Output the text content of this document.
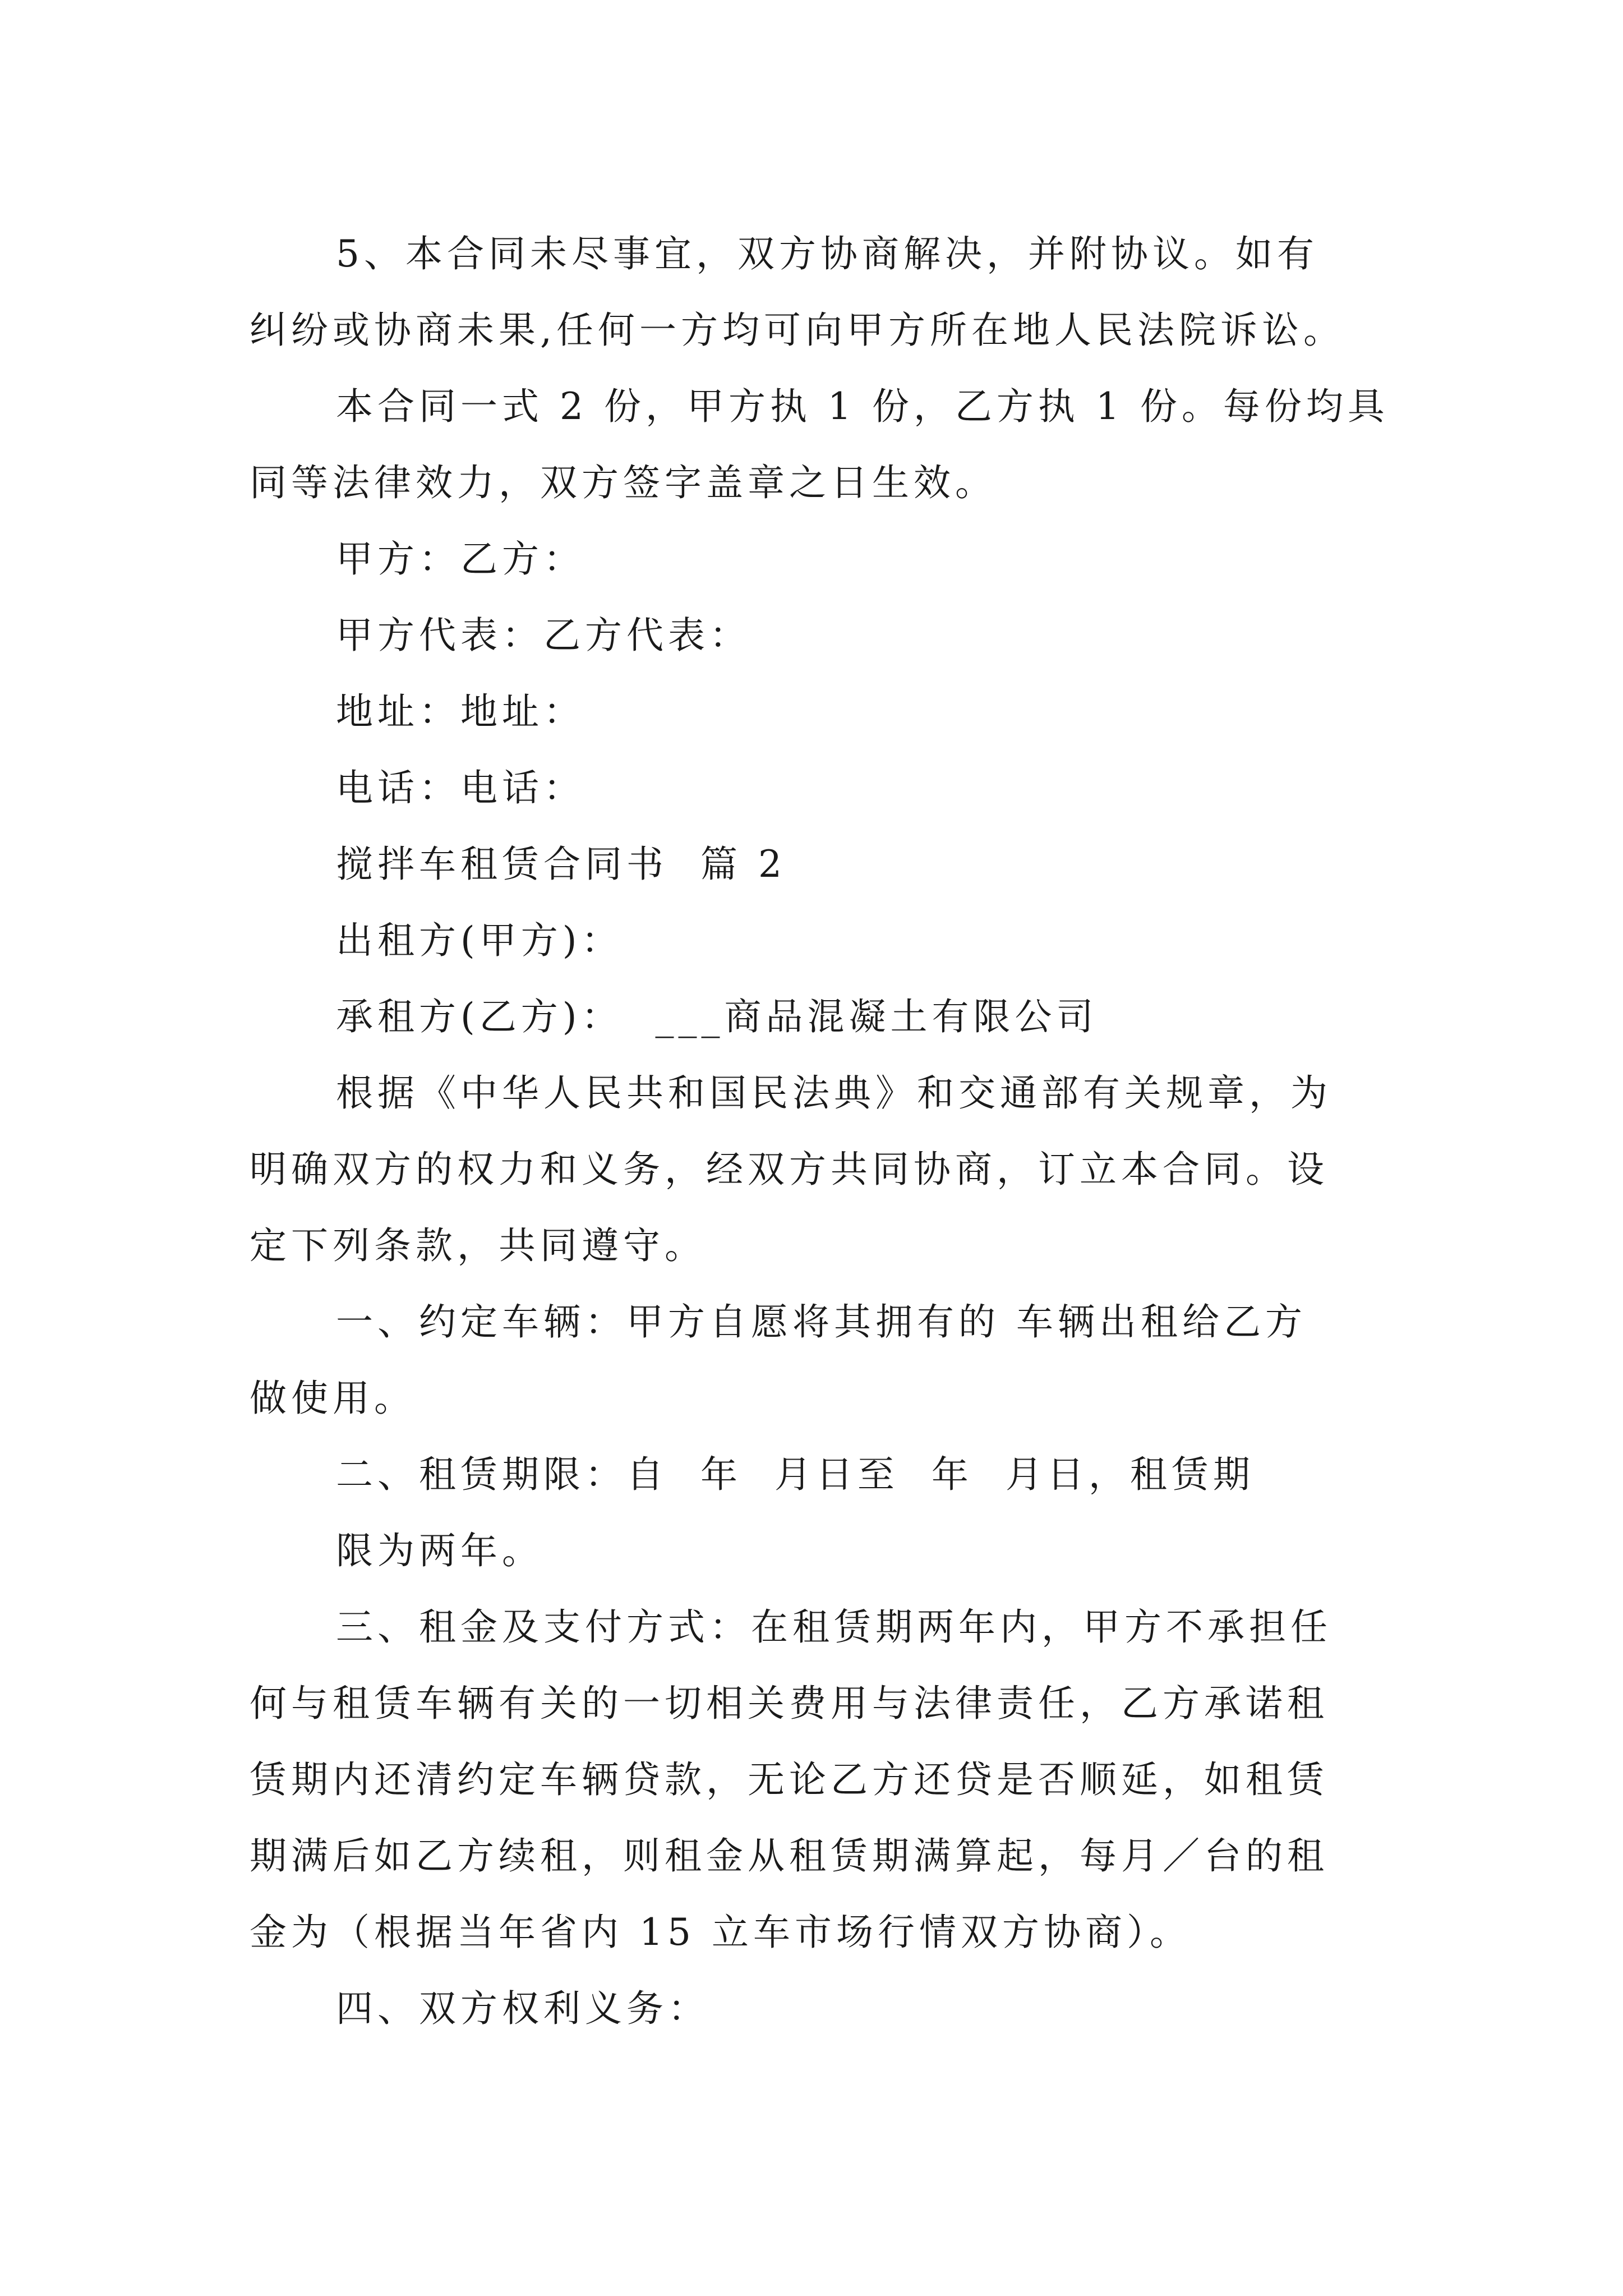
5、本合同未尽事宜，双方协商解决，并附协议。如有
纠纷或协商未果,任何一方均可向甲方所在地人民法院诉讼。
本合同一式 2 份，甲方执 1 份，乙方执 1 份。每份均具
同等法律效力，双方签字盖章之日生效。
甲方：乙方：
甲方代表：乙方代表：
地址：地址：
电话：电话：
搅拌车租赁合同书  篇 2
出租方(甲方)：
承租方(乙方)：  ___商品混凝土有限公司
根据《中华人民共和国民法典》和交通部有关规章，为
明确双方的权力和义务，经双方共同协商，订立本合同。设
定下列条款，共同遵守。
一、约定车辆：甲方自愿将其拥有的 车辆出租给乙方
做使用。
二、租赁期限：自  年  月日至  年  月日，租赁期
限为两年。
三、租金及支付方式：在租赁期两年内，甲方不承担任
何与租赁车辆有关的一切相关费用与法律责任，乙方承诺租
赁期内还清约定车辆贷款，无论乙方还贷是否顺延，如租赁
期满后如乙方续租，则租金从租赁期满算起，每月／台的租
金为（根据当年省内 15 立车市场行情双方协商）。
四、双方权利义务：
